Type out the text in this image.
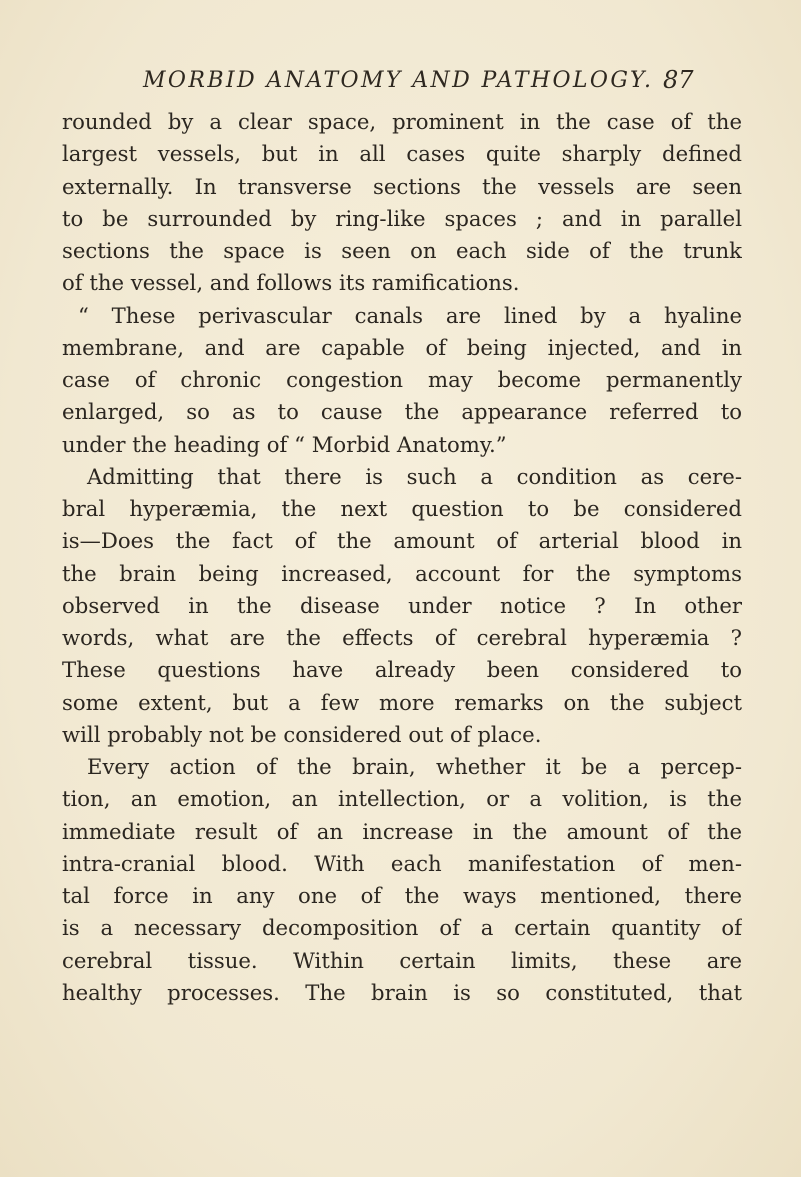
MORBID ANATOMY AND PATHOLOGY. 87
rounded by a clear space, prominent in the case of the
largest vessels, but in all cases quite sharply defined
externally. In transverse sections the vessels are seen
to be surrounded by ring-like spaces ; and in parallel
sections the space is seen on each side of the trunk
of the vessel, and follows its ramifications.
“ These perivascular canals are lined by a hyaline
membrane, and are capable of being injected, and in
case of chronic congestion may become permanently
enlarged, so as to cause the appearance referred to
under the heading of “ Morbid Anatomy.”
Admitting that there is such a condition as cere-
bral hyperæmia, the next question to be considered
is—Does the fact of the amount of arterial blood in
the brain being increased, account for the symptoms
observed in the disease under notice ? In other
words, what are the effects of cerebral hyperæmia ?
These questions have already been considered to
some extent, but a few more remarks on the subject
will probably not be considered out of place.
Every action of the brain, whether it be a percep-
tion, an emotion, an intellection, or a volition, is the
immediate result of an increase in the amount of the
intra-cranial blood. With each manifestation of men-
tal force in any one of the ways mentioned, there
is a necessary decomposition of a certain quantity of
cerebral tissue. Within certain limits, these are
healthy processes. The brain is so constituted, that
